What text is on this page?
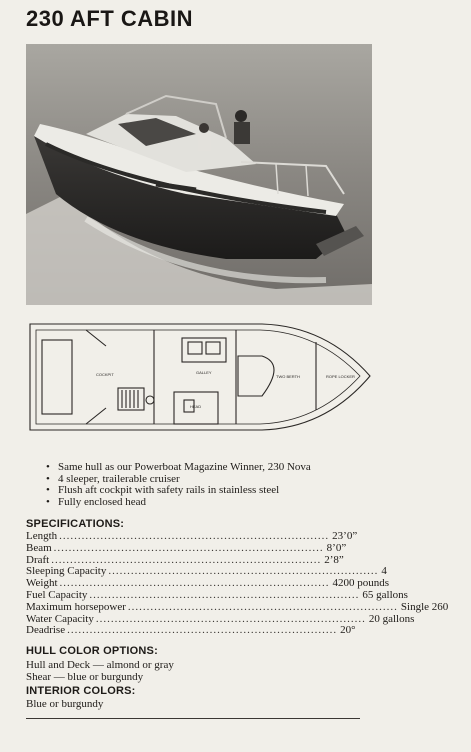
230 AFT CABIN
COCKPIT	GALLEY
HEAD
TWO BERTH	ROPE LOCKER
• Same hull as our Powerboat Magazine Winner, 230 Nova
• 4 sleeper, trailerable cruiser
• Flush aft cockpit with safety rails in stainless steel
• Fully enclosed head
SPECIFICATIONS:
Length ........................................................................ 23’0”
Beam ........................................................................ 8’0”
Draft ........................................................................ 2’8”
Sleeping Capacity ........................................................................ 4
Weight ........................................................................ 4200 pounds
Fuel Capacity ........................................................................ 65 gallons
Maximum horsepower ........................................................................ Single 260
Water Capacity ........................................................................ 20 gallons
Deadrise ........................................................................ 20°
HULL COLOR OPTIONS:
Hull and Deck — almond or gray
Shear — blue or burgundy
INTERIOR COLORS:
Blue or burgundy
